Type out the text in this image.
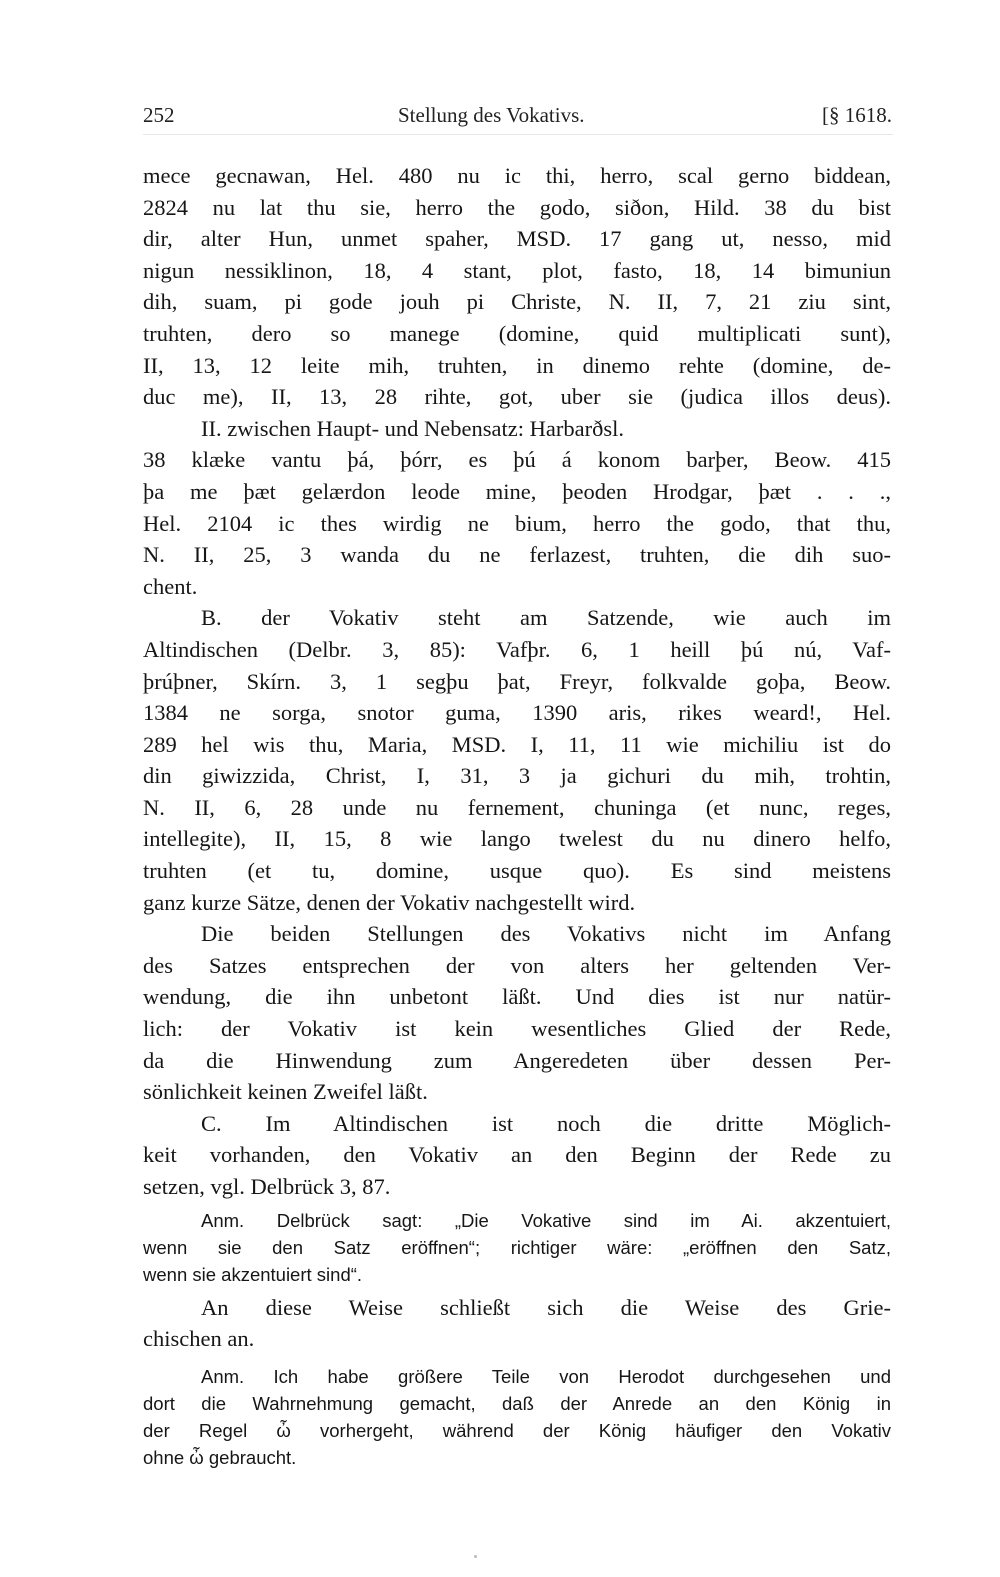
252	Stellung des Vokativs.	[§ 1618.
mece gecnawan, Hel. 480 nu ic thi, herro, scal gerno biddean,
2824 nu lat thu sie, herro the godo, siðon, Hild. 38 du bist
dir, alter Hun, unmet spaher, MSD. 17 gang ut, nesso, mid
nigun nessiklinon, 18, 4 stant, plot, fasto, 18, 14 bimuniun
dih, suam, pi gode jouh pi Christe, N. II, 7, 21 ziu sint,
truhten, dero so manege (domine, quid multiplicati sunt),
II, 13, 12 leite mih, truhten, in dinemo rehte (domine, de-
duc me), II, 13, 28 rihte, got, uber sie (judica illos deus).
II. zwischen Haupt- und Nebensatz: Harbarðsl.
38 klæke vantu þá, þórr, es þú á konom barþer, Beow. 415
þa me þæt gelærdon leode mine, þeoden Hrodgar, þæt . . .,
Hel. 2104 ic thes wirdig ne bium, herro the godo, that thu,
N. II, 25, 3 wanda du ne ferlazest, truhten, die dih suo-
chent.
B. der Vokativ steht am Satzende, wie auch im
Altindischen (Delbr. 3, 85): Vafþr. 6, 1 heill þú nú, Vaf-
þrúþner, Skírn. 3, 1 segþu þat, Freyr, folkvalde goþa, Beow.
1384 ne sorga, snotor guma, 1390 aris, rikes weard!, Hel.
289 hel wis thu, Maria, MSD. I, 11, 11 wie michiliu ist do
din giwizzida, Christ, I, 31, 3 ja gichuri du mih, trohtin,
N. II, 6, 28 unde nu fernement, chuninga (et nunc, reges,
intellegite), II, 15, 8 wie lango twelest du nu dinero helfo,
truhten (et tu, domine, usque quo). Es sind meistens
ganz kurze Sätze, denen der Vokativ nachgestellt wird.
Die beiden Stellungen des Vokativs nicht im Anfang
des Satzes entsprechen der von alters her geltenden Ver-
wendung, die ihn unbetont läßt. Und dies ist nur natür-
lich: der Vokativ ist kein wesentliches Glied der Rede,
da die Hinwendung zum Angeredeten über dessen Per-
sönlichkeit keinen Zweifel läßt.
C. Im Altindischen ist noch die dritte Möglich-
keit vorhanden, den Vokativ an den Beginn der Rede zu
setzen, vgl. Delbrück 3, 87.
Anm. Delbrück sagt: „Die Vokative sind im Ai. akzentuiert,
wenn sie den Satz eröffnen“; richtiger wäre: „eröffnen den Satz,
wenn sie akzentuiert sind“.
An diese Weise schließt sich die Weise des Grie-
chischen an.
Anm. Ich habe größere Teile von Herodot durchgesehen und
dort die Wahrnehmung gemacht, daß der Anrede an den König in
der Regel ὦ vorhergeht, während der König häufiger den Vokativ
ohne ὦ gebraucht.
